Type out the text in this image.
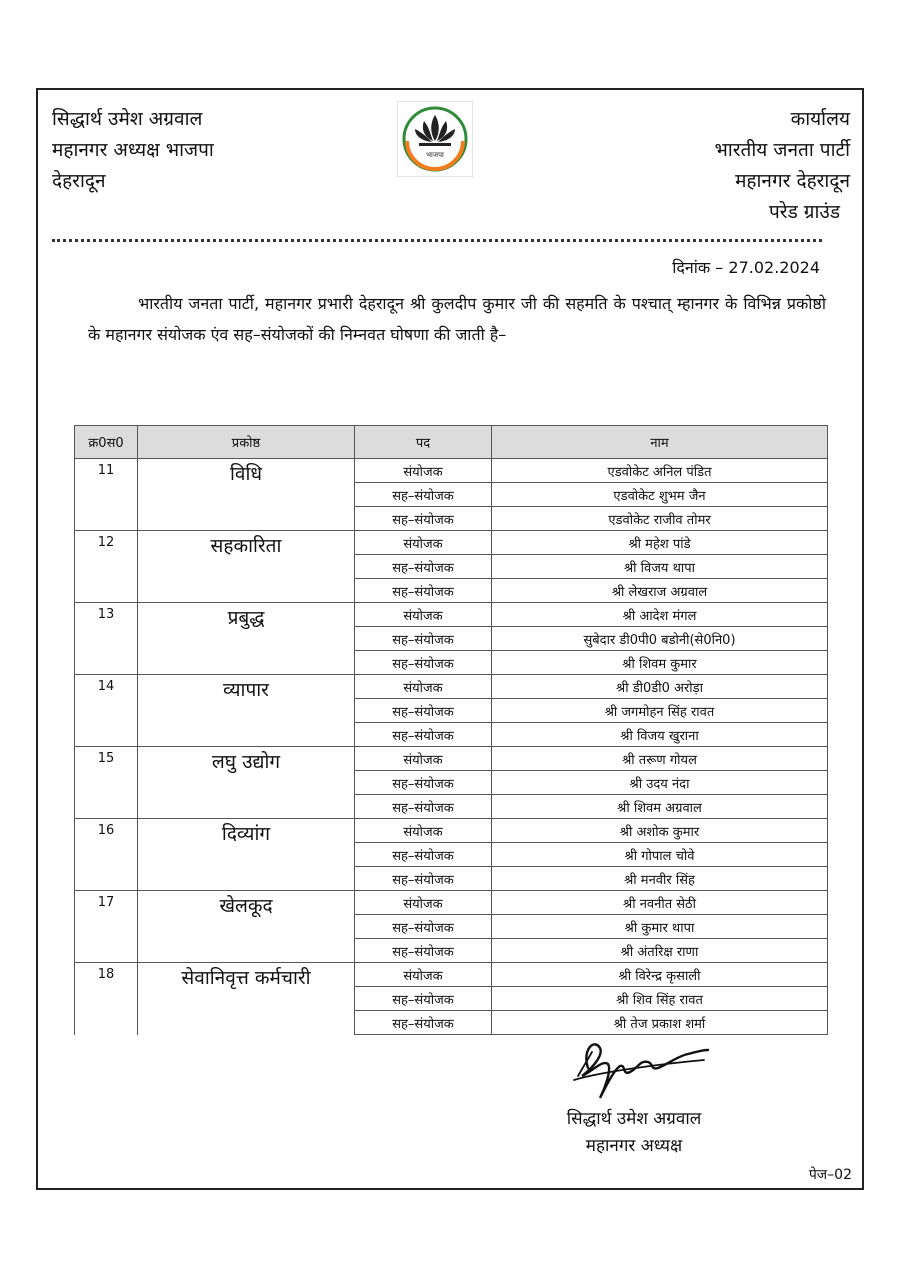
सिद्धार्थ उमेश अग्रवाल
महानगर अध्यक्ष भाजपा
देहरादून
भाजपा
कार्यालय
भारतीय जनता पार्टी
महानगर देहरादून
परेड ग्राउंड
दिनांक – 27.02.2024
भारतीय जनता पार्टी, महानगर प्रभारी देहरादून श्री कुलदीप कुमार जी की सहमति के पश्चात् म्हानगर के विभिन्न प्रकोष्ठो के महानगर संयोजक एंव सह–संयोजकों की निम्नवत घोषणा की जाती है–
क्र0स0	प्रकोष्ठ	पद	नाम

11	विधि	संयोजक	एडवोकेट अनिल पंडित
		सह–संयोजक	एडवोकेट शुभम जैन
		सह–संयोजक	एडवोकेट राजीव तोमर

12	सहकारिता	संयोजक	श्री महेश पांडे
		सह–संयोजक	श्री विजय थापा
		सह–संयोजक	श्री लेखराज अग्रवाल

13	प्रबुद्ध	संयोजक	श्री आदेश मंगल
		सह–संयोजक	सुबेदार डी0पी0 बडोनी(से0नि0)
		सह–संयोजक	श्री शिवम कुमार

14	व्यापार	संयोजक	श्री डी0डी0 अरोड़ा
		सह–संयोजक	श्री जगमोहन सिंह रावत
		सह–संयोजक	श्री विजय खुराना

15	लघु उद्योग	संयोजक	श्री तरूण गोयल
		सह–संयोजक	श्री उदय नंदा
		सह–संयोजक	श्री शिवम अग्रवाल

16	दिव्यांग	संयोजक	श्री अशोक कुमार
		सह–संयोजक	श्री गोपाल चोवे
		सह–संयोजक	श्री मनवीर सिंह

17	खेलकूद	संयोजक	श्री नवनीत सेठी
		सह–संयोजक	श्री कुमार थापा
		सह–संयोजक	श्री अंतरिक्ष राणा

18	सेवानिवृत्त कर्मचारी	संयोजक	श्री विरेन्द्र कृसाली
		सह–संयोजक	श्री शिव सिंह रावत
		सह–संयोजक	श्री तेज प्रकाश शर्मा
सिद्धार्थ उमेश अग्रवाल
महानगर अध्यक्ष
पेज–02
